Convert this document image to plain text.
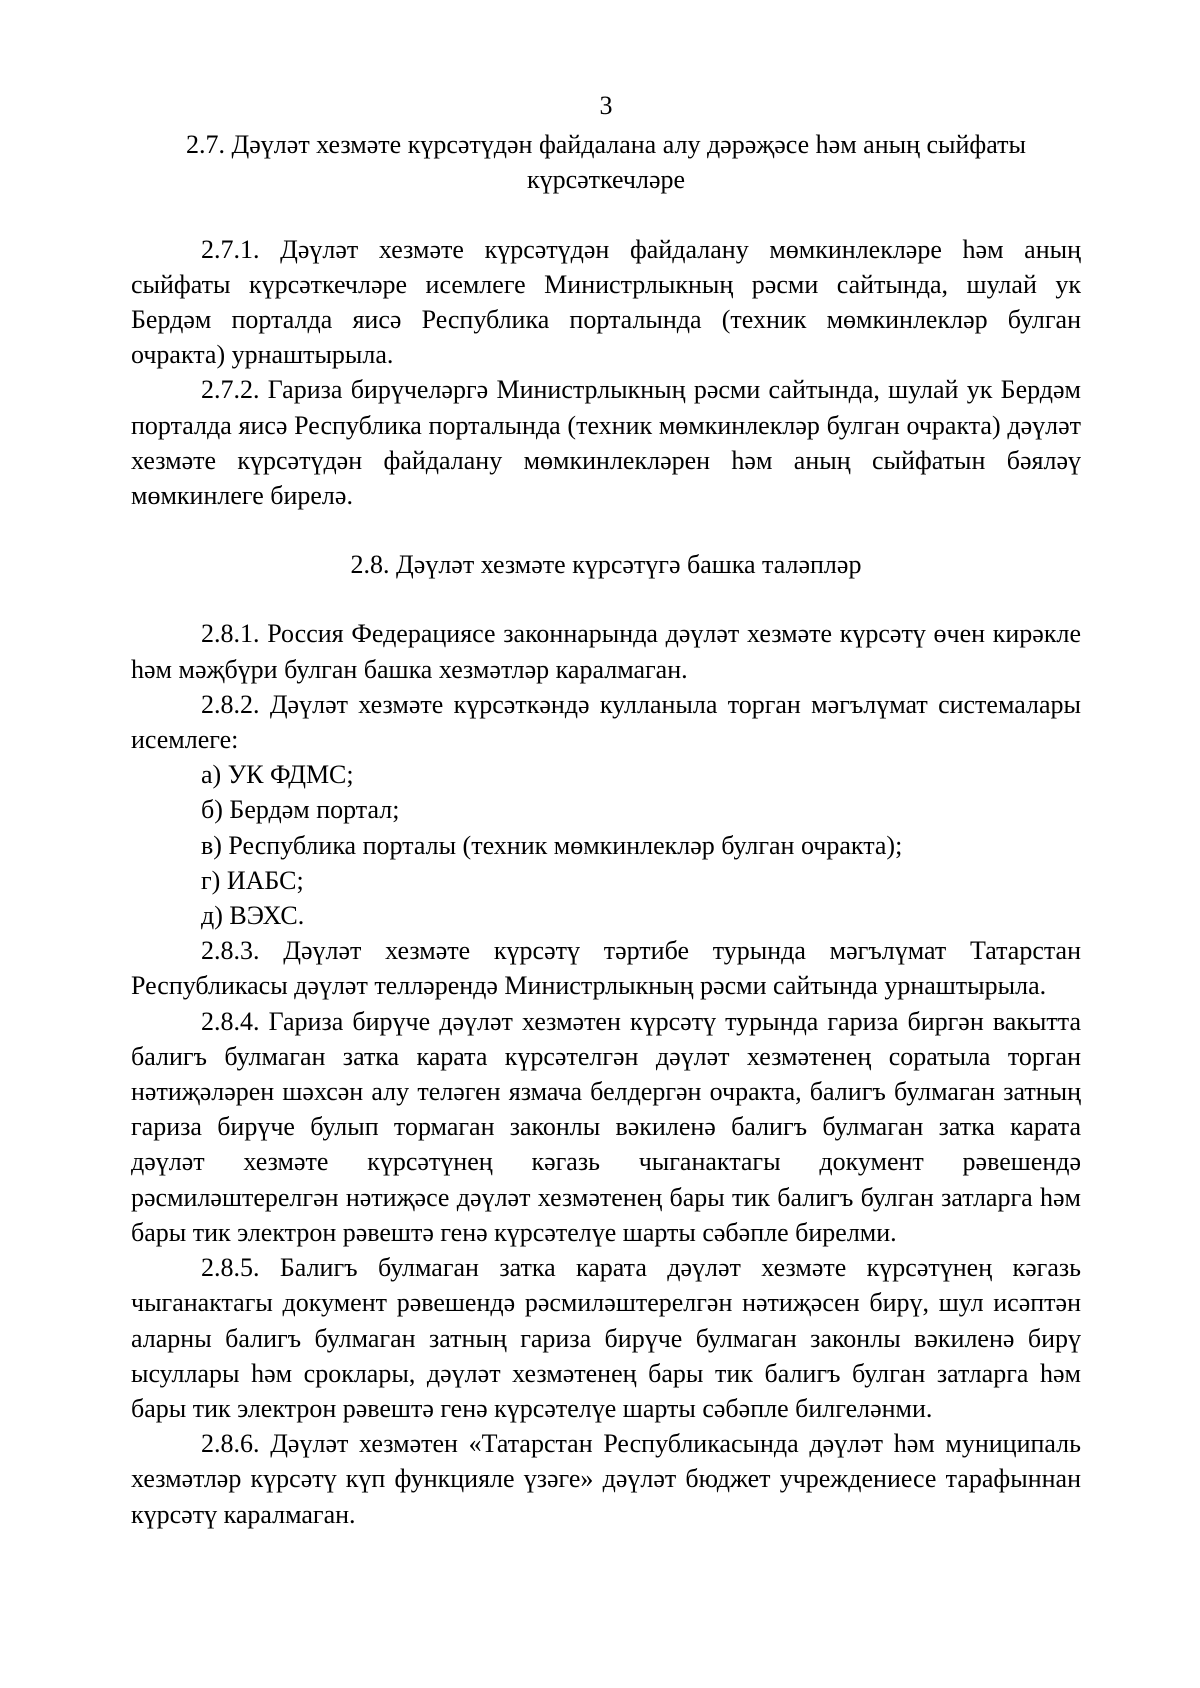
3
2.7. Дәүләт хезмәте күрсәтүдән файдалана алу дәрәҗәсе һәм аның сыйфаты күрсәткечләре

2.7.1. Дәүләт хезмәте күрсәтүдән файдалану мөмкинлекләре һәм аның сыйфаты күрсәткечләре исемлеге Министрлыкның рәсми сайтында, шулай ук Бердәм порталда яисә Республика порталында (техник мөмкинлекләр булган очракта) урнаштырыла.

2.7.2. Гариза бирүчеләргә Министрлыкның рәсми сайтында, шулай ук Бердәм порталда яисә Республика порталында (техник мөмкинлекләр булган очракта) дәүләт хезмәте күрсәтүдән файдалану мөмкинлекләрен һәм аның сыйфатын бәяләү мөмкинлеге бирелә.

2.8. Дәүләт хезмәте күрсәтүгә башка таләпләр

2.8.1. Россия Федерациясе законнарында дәүләт хезмәте күрсәтү өчен кирәкле һәм мәҗбүри булган башка хезмәтләр каралмаган.

2.8.2. Дәүләт хезмәте күрсәткәндә кулланыла торган мәгълүмат системалары исемлеге:

а) УК ФДМС;
б) Бердәм портал;
в) Республика порталы (техник мөмкинлекләр булган очракта);
г) ИАБС;
д) ВЭХС.

2.8.3. Дәүләт хезмәте күрсәтү тәртибе турында мәгълүмат Татарстан Республикасы дәүләт телләрендә Министрлыкның рәсми сайтында урнаштырыла.

2.8.4. Гариза бирүче дәүләт хезмәтен күрсәтү турында гариза биргән вакытта балигъ булмаган затка карата күрсәтелгән дәүләт хезмәтенең соратыла торган нәтиҗәләрен шәхсән алу теләген язмача белдергән очракта, балигъ булмаган затның гариза бирүче булып тормаган законлы вәкиленә балигъ булмаган затка карата дәүләт хезмәте күрсәтүнең кәгазь чыганактагы документ рәвешендә рәсмиләштерелгән нәтиҗәсе дәүләт хезмәтенең бары тик балигъ булган затларга һәм бары тик электрон рәвештә генә күрсәтелүе шарты сәбәпле бирелми.

2.8.5. Балигъ булмаган затка карата дәүләт хезмәте күрсәтүнең кәгазь чыганактагы документ рәвешендә рәсмиләштерелгән нәтиҗәсен бирү, шул исәптән аларны балигъ булмаган затның гариза бирүче булмаган законлы вәкиленә бирү ысуллары һәм сроклары, дәүләт хезмәтенең бары тик балигъ булган затларга һәм бары тик электрон рәвештә генә күрсәтелүе шарты сәбәпле билгеләнми.

2.8.6. Дәүләт хезмәтен «Татарстан Республикасында дәүләт һәм муниципаль хезмәтләр күрсәтү күп функцияле үзәге» дәүләт бюджет учреждениесе тарафыннан күрсәтү каралмаган.
